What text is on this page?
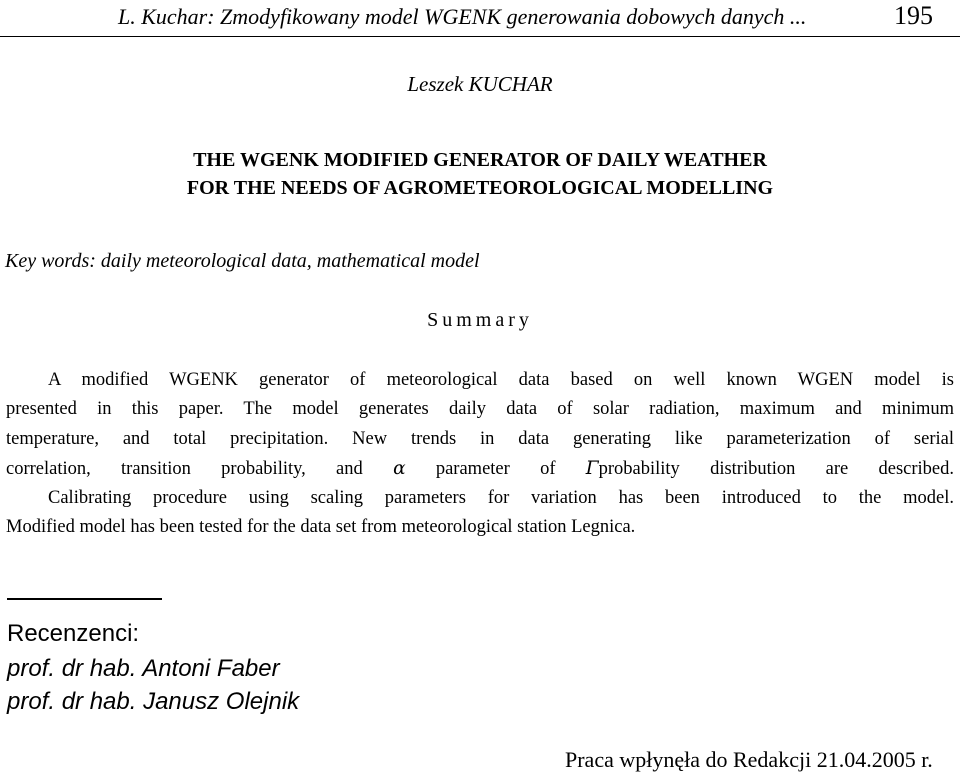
L. Kuchar: Zmodyfikowany model WGENK generowania dobowych danych ...	195
Leszek KUCHAR
THE WGENK MODIFIED GENERATOR OF DAILY WEATHER
FOR THE NEEDS OF AGROMETEOROLOGICAL MODELLING
Key words: daily meteorological data, mathematical model
Summary
A modified WGENK generator of meteorological data based on well known WGEN model is
presented in this paper. The model generates daily data of solar radiation, maximum and minimum
temperature, and total precipitation. New trends in data generating like parameterization of serial
correlation, transition probability, and α parameter of Γprobability distribution are described.
Calibrating procedure using scaling parameters for variation has been introduced to the model.
Modified model has been tested for the data set from meteorological station Legnica.
Recenzenci:
prof. dr hab. Antoni Faber
prof. dr hab. Janusz Olejnik
Praca wpłynęła do Redakcji 21.04.2005 r.
